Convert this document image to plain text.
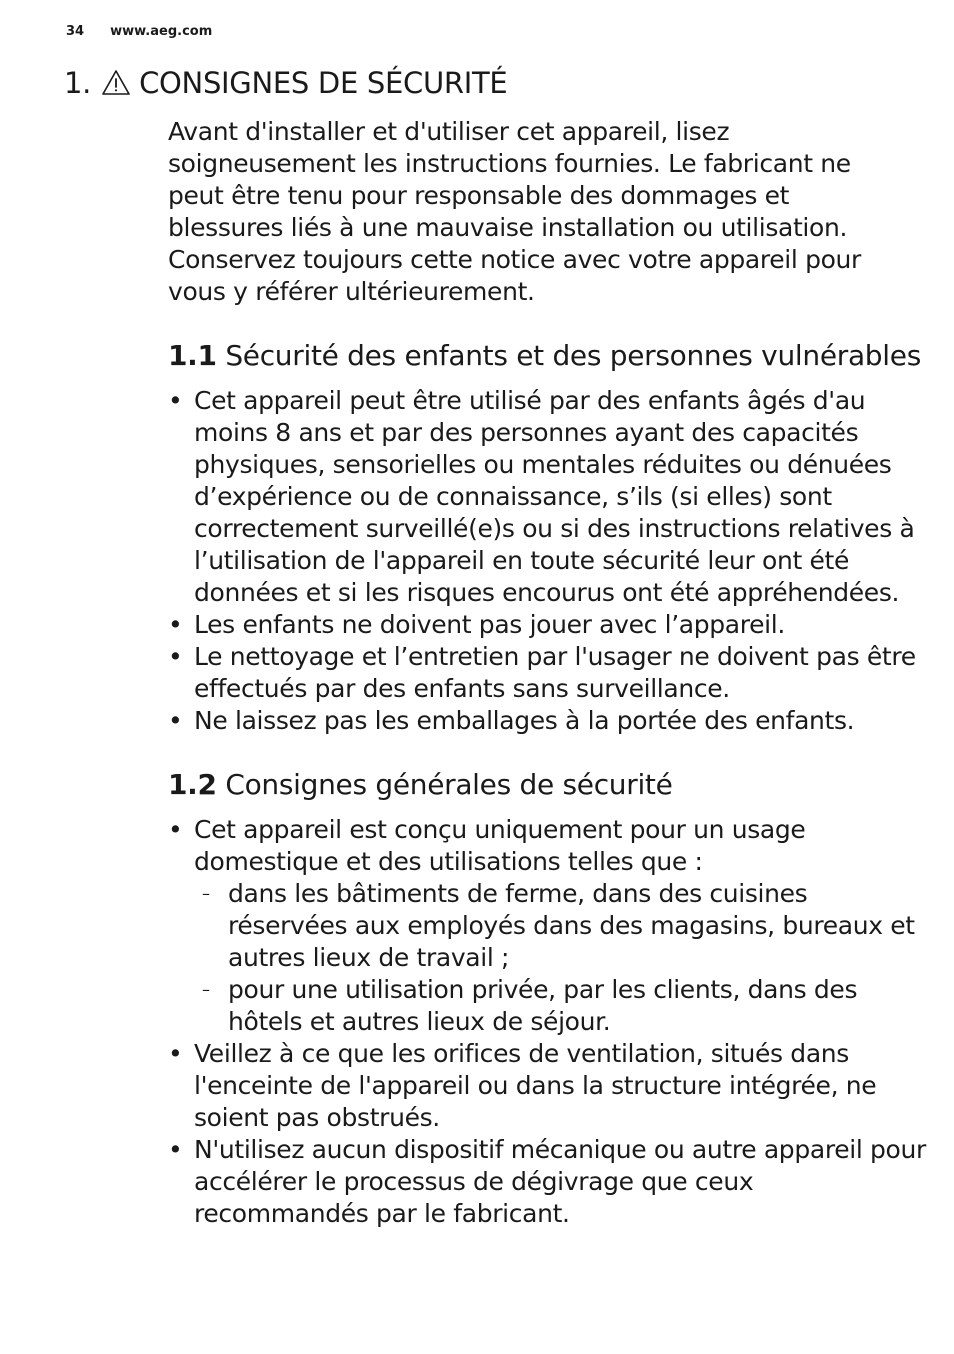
34 www.aeg.com
1. CONSIGNES DE SÉCURITÉ

Avant d'installer et d'utiliser cet appareil, lisez soigneusement les instructions fournies. Le fabricant ne peut être tenu pour responsable des dommages et blessures liés à une mauvaise installation ou utilisation. Conservez toujours cette notice avec votre appareil pour vous y référer ultérieurement.

1.1 Sécurité des enfants et des personnes vulnérables
• Cet appareil peut être utilisé par des enfants âgés d'au moins 8 ans et par des personnes ayant des capacités physiques, sensorielles ou mentales réduites ou dénuées d’expérience ou de connaissance, s’ils (si elles) sont correctement surveillé(e)s ou si des instructions relatives à l’utilisation de l'appareil en toute sécurité leur ont été données et si les risques encourus ont été appréhendées.
• Les enfants ne doivent pas jouer avec l’appareil.
• Le nettoyage et l’entretien par l'usager ne doivent pas être effectués par des enfants sans surveillance.
• Ne laissez pas les emballages à la portée des enfants.
1.2 Consignes générales de sécurité
• Cet appareil est conçu uniquement pour un usage domestique et des utilisations telles que :
– dans les bâtiments de ferme, dans des cuisines réservées aux employés dans des magasins, bureaux et autres lieux de travail ;
– pour une utilisation privée, par les clients, dans des hôtels et autres lieux de séjour.
• Veillez à ce que les orifices de ventilation, situés dans l'enceinte de l'appareil ou dans la structure intégrée, ne soient pas obstrués.
• N'utilisez aucun dispositif mécanique ou autre appareil pour accélérer le processus de dégivrage que ceux recommandés par le fabricant.
